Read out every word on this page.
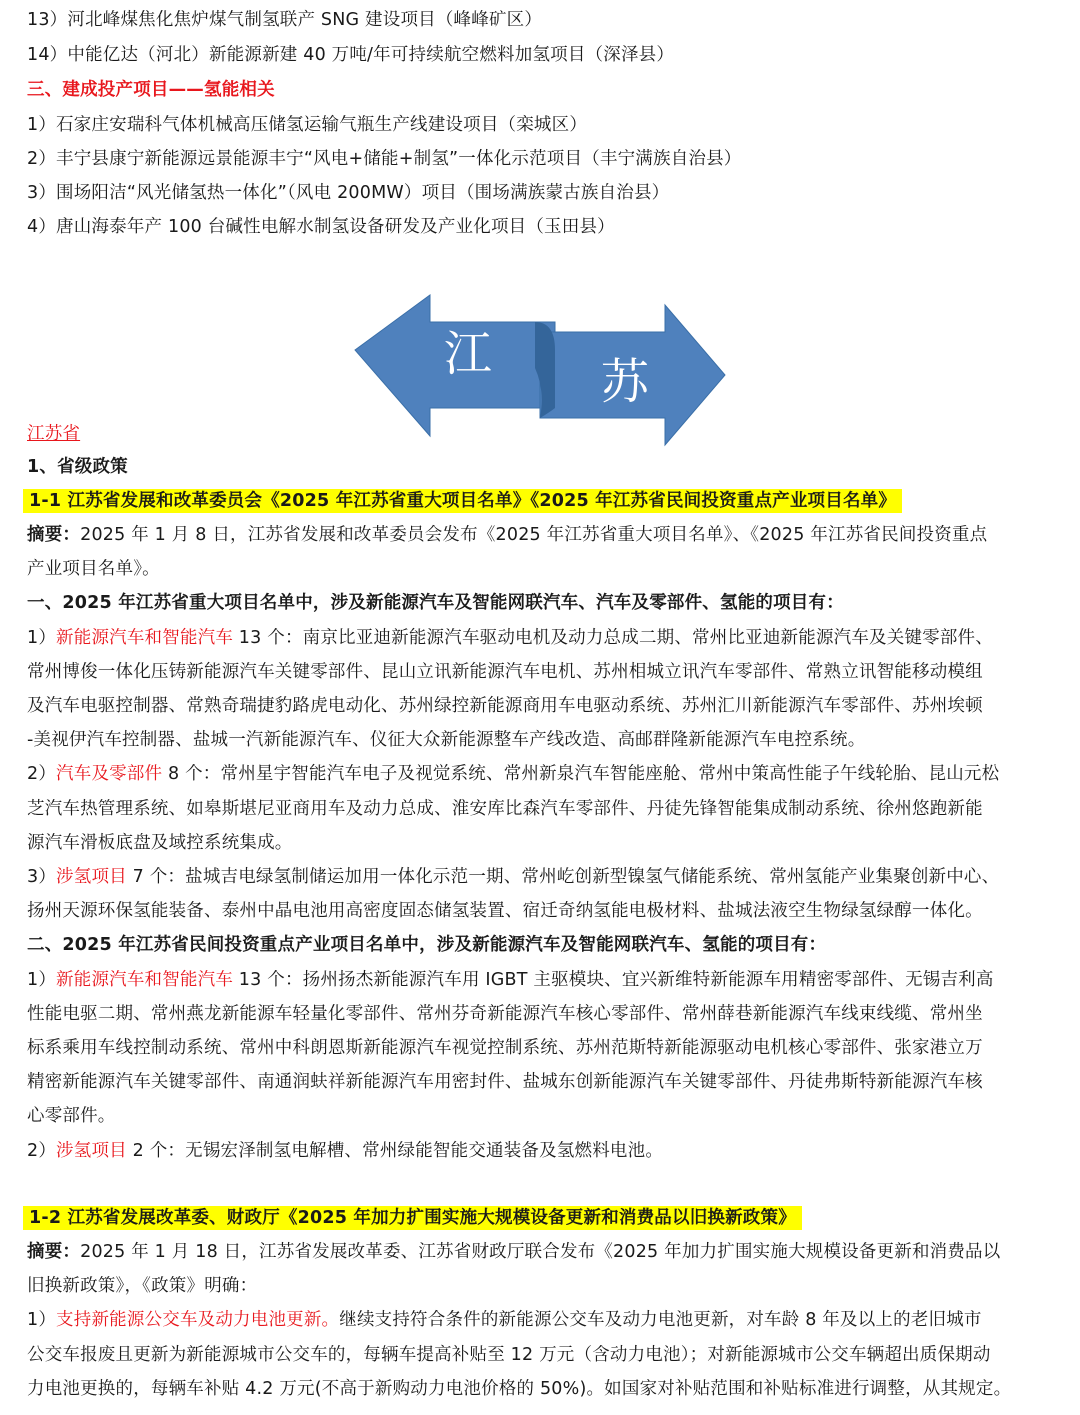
13）河北峰煤焦化焦炉煤气制氢联产 SNG 建设项目（峰峰矿区）
14）中能亿达（河北）新能源新建 40 万吨/年可持续航空燃料加氢项目（深泽县）
三、建成投产项目——氢能相关
1）石家庄安瑞科气体机械高压储氢运输气瓶生产线建设项目（栾城区）
2）丰宁县康宁新能源远景能源丰宁“风电+储能+制氢”一体化示范项目（丰宁满族自治县）
3）围场阳洁“风光储氢热一体化”（风电 200MW）项目（围场满族蒙古族自治县）
4）唐山海泰年产 100 台碱性电解水制氢设备研发及产业化项目（玉田县）
江 苏
江苏省
1、省级政策
1-1 江苏省发展和改革委员会《2025 年江苏省重大项目名单》《2025 年江苏省民间投资重点产业项目名单》
摘要：2025 年 1 月 8 日，江苏省发展和改革委员会发布《2025 年江苏省重大项目名单》、《2025 年江苏省民间投资重点
产业项目名单》。
一、2025 年江苏省重大项目名单中，涉及新能源汽车及智能网联汽车、汽车及零部件、氢能的项目有：
1）新能源汽车和智能汽车 13 个：南京比亚迪新能源汽车驱动电机及动力总成二期、常州比亚迪新能源汽车及关键零部件、
常州博俊一体化压铸新能源汽车关键零部件、昆山立讯新能源汽车电机、苏州相城立讯汽车零部件、常熟立讯智能移动模组
及汽车电驱控制器、常熟奇瑞捷豹路虎电动化、苏州绿控新能源商用车电驱动系统、苏州汇川新能源汽车零部件、苏州埃顿
-美视伊汽车控制器、盐城一汽新能源汽车、仪征大众新能源整车产线改造、高邮群隆新能源汽车电控系统。
2）汽车及零部件 8 个：常州星宇智能汽车电子及视觉系统、常州新泉汽车智能座舱、常州中策高性能子午线轮胎、昆山元松
芝汽车热管理系统、如皋斯堪尼亚商用车及动力总成、淮安库比森汽车零部件、丹徒先锋智能集成制动系统、徐州悠跑新能
源汽车滑板底盘及域控系统集成。
3）涉氢项目 7 个：盐城吉电绿氢制储运加用一体化示范一期、常州屹创新型镍氢气储能系统、常州氢能产业集聚创新中心、
扬州天源环保氢能装备、泰州中晶电池用高密度固态储氢装置、宿迁奇纳氢能电极材料、盐城法液空生物绿氢绿醇一体化。
二、2025 年江苏省民间投资重点产业项目名单中，涉及新能源汽车及智能网联汽车、氢能的项目有：
1）新能源汽车和智能汽车 13 个：扬州扬杰新能源汽车用 IGBT 主驱模块、宜兴新维特新能源车用精密零部件、无锡吉利高
性能电驱二期、常州燕龙新能源车轻量化零部件、常州芬奇新能源汽车核心零部件、常州薛巷新能源汽车线束线缆、常州坐
标系乘用车线控制动系统、常州中科朗恩斯新能源汽车视觉控制系统、苏州范斯特新能源驱动电机核心零部件、张家港立万
精密新能源汽车关键零部件、南通润蚨祥新能源汽车用密封件、盐城东创新能源汽车关键零部件、丹徒弗斯特新能源汽车核
心零部件。
2）涉氢项目 2 个：无锡宏泽制氢电解槽、常州绿能智能交通装备及氢燃料电池。
1-2 江苏省发展改革委、财政厅《2025 年加力扩围实施大规模设备更新和消费品以旧换新政策》
摘要：2025 年 1 月 18 日，江苏省发展改革委、江苏省财政厅联合发布《2025 年加力扩围实施大规模设备更新和消费品以
旧换新政策》，《政策》明确：
1）支持新能源公交车及动力电池更新。继续支持符合条件的新能源公交车及动力电池更新，对车龄 8 年及以上的老旧城市
公交车报废且更新为新能源城市公交车的，每辆车提高补贴至 12 万元（含动力电池）；对新能源城市公交车辆超出质保期动
力电池更换的，每辆车补贴 4.2 万元(不高于新购动力电池价格的 50%)。如国家对补贴范围和补贴标准进行调整，从其规定。
